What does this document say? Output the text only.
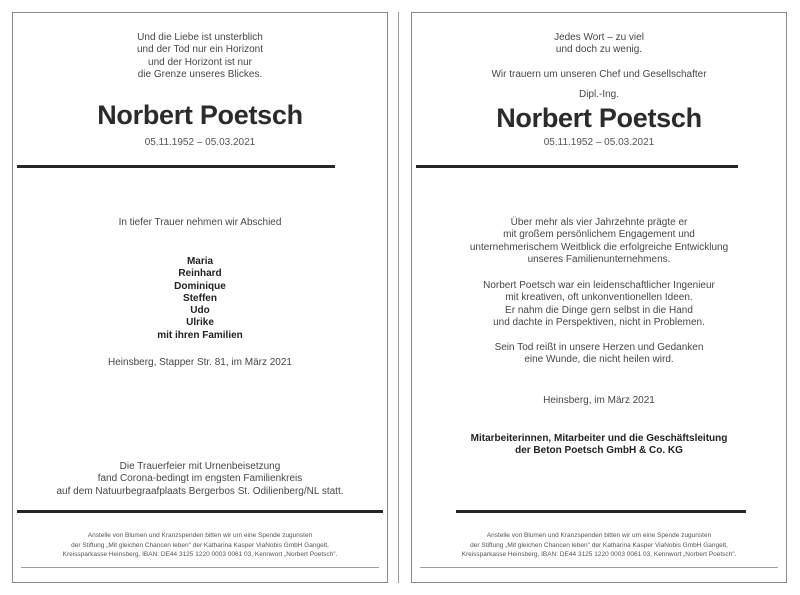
Und die Liebe ist unsterblich
und der Tod nur ein Horizont
und der Horizont ist nur
die Grenze unseres Blickes.
Norbert Poetsch
05.11.1952 – 05.03.2021
In tiefer Trauer nehmen wir Abschied
Maria
Reinhard
Dominique
Steffen
Udo
Ulrike
mit ihren Familien
Heinsberg, Stapper Str. 81, im März 2021
Die Trauerfeier mit Urnenbeisetzung
fand Corona-bedingt im engsten Familienkreis
auf dem Natuurbegraafplaats Bergerbos St. Odilienberg/NL statt.
Anstelle von Blumen und Kranzspenden bitten wir um eine Spende zugunsten
der Stiftung „Mit gleichen Chancen leben" der Katharina Kasper ViaNobis GmbH Gangelt,
Kreissparkasse Heinsberg, IBAN: DE44 3125 1220 0003 0061 03, Kennwort „Norbert Poetsch".
Jedes Wort – zu viel
und doch zu wenig.
Wir trauern um unseren Chef und Gesellschafter
Dipl.-Ing.
Norbert Poetsch
05.11.1952 – 05.03.2021
Über mehr als vier Jahrzehnte prägte er
mit großem persönlichem Engagement und
unternehmerischem Weitblick die erfolgreiche Entwicklung
unseres Familienunternehmens.
Norbert Poetsch war ein leidenschaftlicher Ingenieur
mit kreativen, oft unkonventionellen Ideen.
Er nahm die Dinge gern selbst in die Hand
und dachte in Perspektiven, nicht in Problemen.
Sein Tod reißt in unsere Herzen und Gedanken
eine Wunde, die nicht heilen wird.
Heinsberg, im März 2021
Mitarbeiterinnen, Mitarbeiter und die Geschäftsleitung
der Beton Poetsch GmbH & Co. KG
Anstelle von Blumen und Kranzspenden bitten wir um eine Spende zugunsten
der Stiftung „Mit gleichen Chancen leben" der Katharina Kasper ViaNobis GmbH Gangelt,
Kreissparkasse Heinsberg, IBAN: DE44 3125 1220 0003 0061 03, Kennwort „Norbert Poetsch".
